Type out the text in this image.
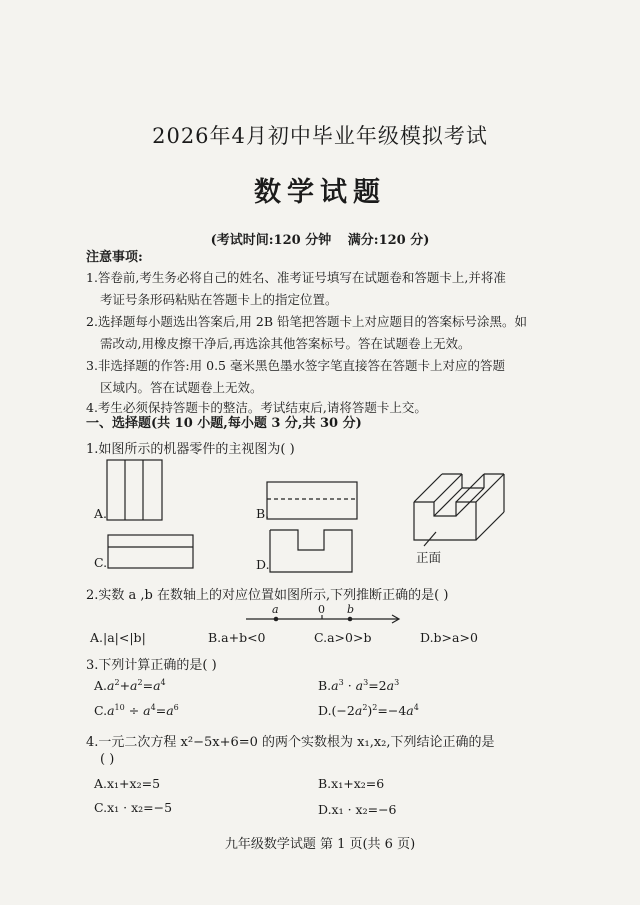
2026年4月初中毕业年级模拟考试
数学试题
(考试时间:120 分钟 满分:120 分)
注意事项:
1.答卷前,考生务必将自己的姓名、准考证号填写在试题卷和答题卡上,并将准
考证号条形码粘贴在答题卡上的指定位置。
2.选择题每小题选出答案后,用 2B 铅笔把答题卡上对应题目的答案标号涂黑。如
需改动,用橡皮擦干净后,再选涂其他答案标号。答在试题卷上无效。
3.非选择题的作答:用 0.5 毫米黑色墨水签字笔直接答在答题卡上对应的答题
区域内。答在试题卷上无效。
4.考生必须保持答题卡的整洁。考试结束后,请将答题卡上交。
一、选择题(共 10 小题,每小题 3 分,共 30 分)
1.如图所示的机器零件的主视图为( )
A.	B.
C.	D.	正面
2.实数 a ,b 在数轴上的对应位置如图所示,下列推断正确的是( )
a	0 b
A.|a|<|b|	B.a+b<0	C.a>0>b	D.b>a>0
3.下列计算正确的是( )
$A.a^2+a^2=a^4$	$B.a^3 \cdot a^3=2a^3$
$C.a^{10} \div a^4=a^6$	$D.(-2a^2)^2=-4a^4$
4.一元二次方程 x²−5x+6=0 的两个实数根为 x₁,x₂,下列结论正确的是
( )
A.x₁+x₂=5	B.x₁+x₂=6
C.x₁ · x₂=−5	D.x₁ · x₂=−6
九年级数学试题 第 1 页(共 6 页)
